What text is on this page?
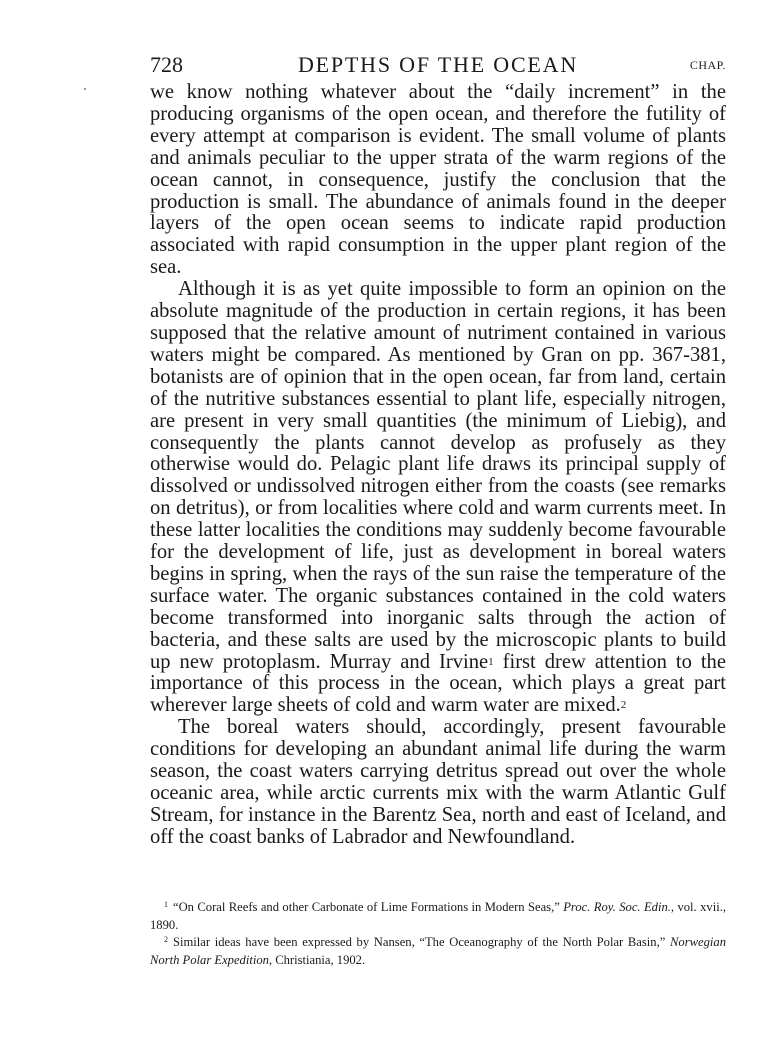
728	DEPTHS OF THE OCEAN	CHAP.

we know nothing whatever about the “daily increment” in the producing organisms of the open ocean, and therefore the futility of every attempt at comparison is evident. The small volume of plants and animals peculiar to the upper strata of the warm regions of the ocean cannot, in consequence, justify the conclusion that the production is small. The abundance of animals found in the deeper layers of the open ocean seems to indicate rapid production associated with rapid consumption in the upper plant region of the sea.

Although it is as yet quite impossible to form an opinion on the absolute magnitude of the production in certain regions, it has been supposed that the relative amount of nutriment contained in various waters might be compared. As mentioned by Gran on pp. 367-381, botanists are of opinion that in the open ocean, far from land, certain of the nutritive substances essential to plant life, especially nitrogen, are present in very small quantities (the minimum of Liebig), and consequently the plants cannot develop as profusely as they otherwise would do. Pelagic plant life draws its principal supply of dissolved or undissolved nitrogen either from the coasts (see remarks on detritus), or from localities where cold and warm currents meet. In these latter localities the conditions may suddenly become favourable for the development of life, just as development in boreal waters begins in spring, when the rays of the sun raise the temperature of the surface water. The organic substances contained in the cold waters become transformed into inorganic salts through the action of bacteria, and these salts are used by the microscopic plants to build up new protoplasm. Murray and Irvine$^1$ first drew attention to the importance of this process in the ocean, which plays a great part wherever large sheets of cold and warm water are mixed.$^2$

The boreal waters should, accordingly, present favourable conditions for developing an abundant animal life during the warm season, the coast waters carrying detritus spread out over the whole oceanic area, while arctic currents mix with the warm Atlantic Gulf Stream, for instance in the Barentz Sea, north and east of Iceland, and off the coast banks of Labrador and Newfoundland.

$^1$ “On Coral Reefs and other Carbonate of Lime Formations in Modern Seas,” Proc. Roy. Soc. Edin., vol. xvii., 1890.

$^2$ Similar ideas have been expressed by Nansen, “The Oceanography of the North Polar Basin,” Norwegian North Polar Expedition, Christiania, 1902.
